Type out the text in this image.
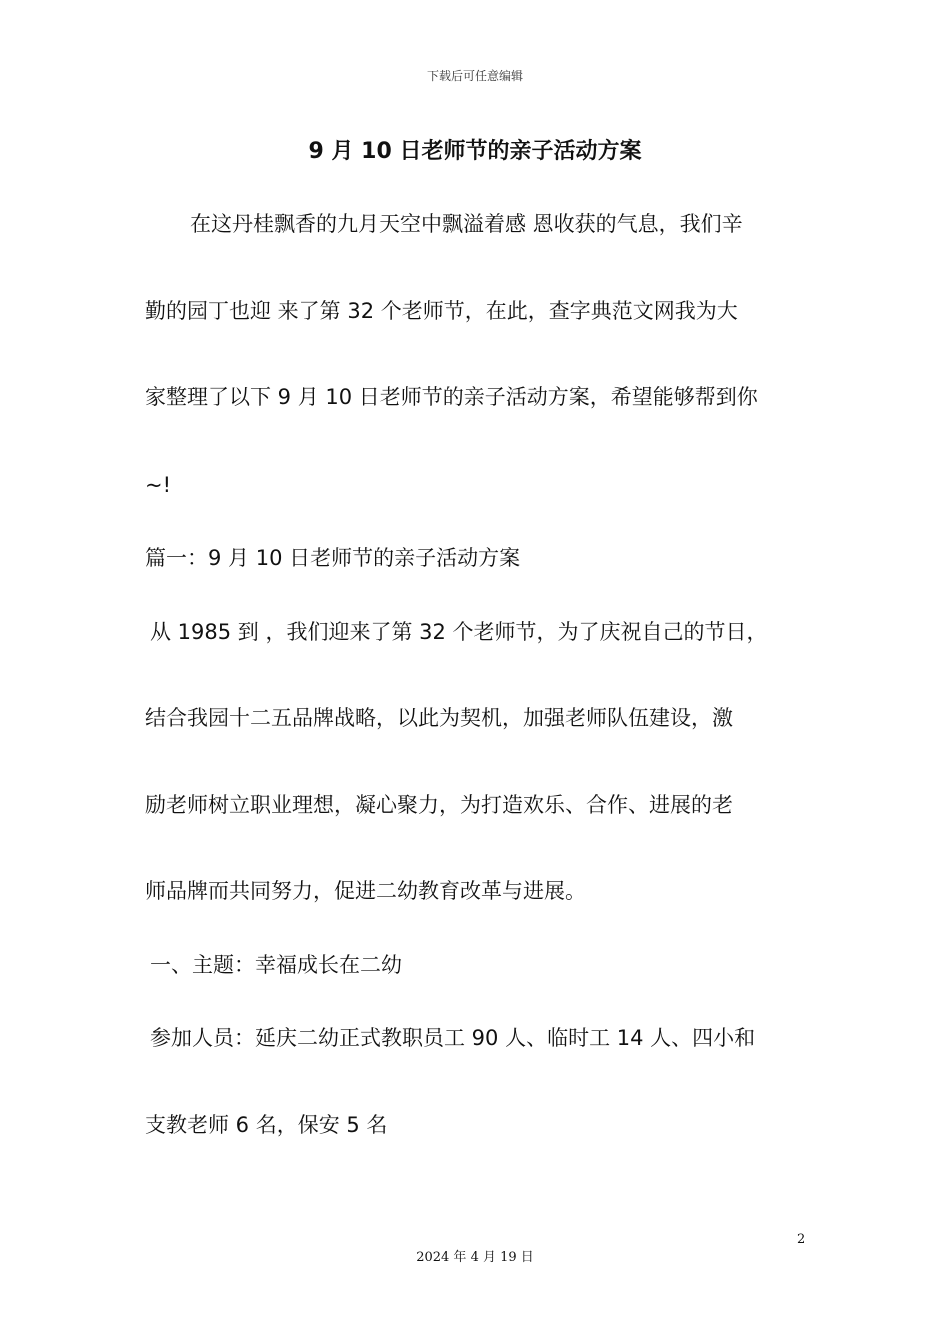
下载后可任意编辑
9 月 10 日老师节的亲子活动方案
在这丹桂飘香的九月天空中飘溢着感 恩收获的气息，我们辛
勤的园丁也迎 来了第 32 个老师节，在此，查字典范文网我为大
家整理了以下 9 月 10 日老师节的亲子活动方案，希望能够帮到你
~!
篇一：9 月 10 日老师节的亲子活动方案
从 1985 到 ，我们迎来了第 32 个老师节，为了庆祝自己的节日，
结合我园十二五品牌战略，以此为契机，加强老师队伍建设，激
励老师树立职业理想，凝心聚力，为打造欢乐、合作、进展的老
师品牌而共同努力，促进二幼教育改革与进展。
一、主题：幸福成长在二幼
参加人员：延庆二幼正式教职员工 90 人、临时工 14 人、四小和
支教老师 6 名，保安 5 名
2
2024 年 4 月 19 日
